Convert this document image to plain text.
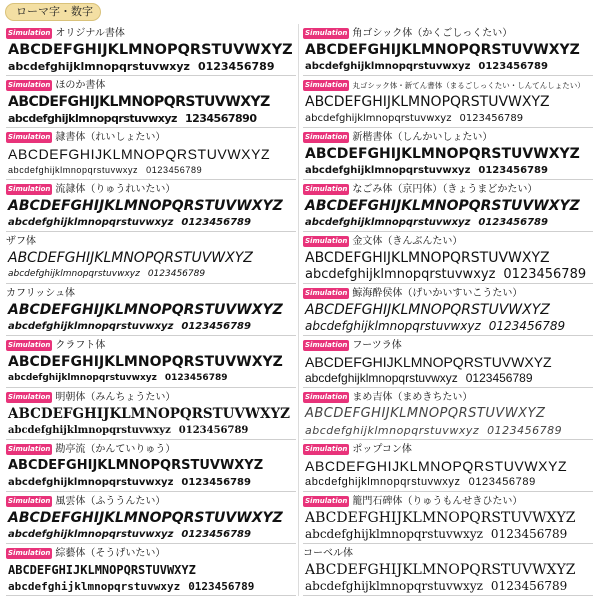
ローマ字・数字
Simulation オリジナル書体
ABCDEFGHIJKLMNOPQRSTUVWXYZ
abcdefghijklmnopqrstuvwxyz 0123456789
Simulation ほのか書体
ABCDEFGHIJKLMNOPQRSTUVWXYZ
abcdefghijklmnopqrstuvwxyz 1234567890
Simulation 隷書体（れいしょたい）
ABCDEFGHIJKLMNOPQRSTUVWXYZ
abcdefghijklmnopqrstuvwxyz 0123456789
Simulation 流隷体（りゅうれいたい）
ABCDEFGHIJKLMNOPQRSTUVWXYZ
abcdefghijklmnopqrstuvwxyz 0123456789
ザフ体
ABCDEFGHIJKLMNOPQRSTUVWXYZ
abcdefghijklmnopqrstuvwxyz 0123456789
カフリッシュ体
ABCDEFGHIJKLMNOPQRSTUVWXYZ
abcdefghijklmnopqrstuvwxyz 0123456789
Simulation クラフト体
ABCDEFGHIJKLMNOPQRSTUVWXYZ
abcdefghijklmnopqrstuvwxyz 0123456789
Simulation 明朝体（みんちょうたい）
ABCDEFGHIJKLMNOPQRSTUVWXYZ
abcdefghijklmnopqrstuvwxyz 0123456789
Simulation 勘亭流（かんていりゅう）
ABCDEFGHIJKLMNOPQRSTUVWXYZ
abcdefghijklmnopqrstuvwxyz 0123456789
Simulation 風雲体（ふううんたい）
ABCDEFGHIJKLMNOPQRSTUVWXYZ
abcdefghijklmnopqrstuvwxyz 0123456789
Simulation 綜藝体（そうげいたい）
ABCDEFGHIJKLMNOPQRSTUVWXYZ
abcdefghijklmnopqrstuvwxyz 0123456789
Simulation 角ゴシック体（かくごしっくたい）
ABCDEFGHIJKLMNOPQRSTUVWXYZ
abcdefghijklmnopqrstuvwxyz 0123456789
Simulation 丸ゴシック体・新てん書体（まるごしっくたい・しんてんしょたい）
ABCDEFGHIJKLMNOPQRSTUVWXYZ
abcdefghijklmnopqrstuvwxyz 0123456789
Simulation 新楷書体（しんかいしょたい）
ABCDEFGHIJKLMNOPQRSTUVWXYZ
abcdefghijklmnopqrstuvwxyz 0123456789
Simulation なごみ体（京円体）（きょうまどかたい）
ABCDEFGHIJKLMNOPQRSTUVWXYZ
abcdefghijklmnopqrstuvwxyz 0123456789
Simulation 金文体（きんぶんたい）
ABCDEFGHIJKLMNOPQRSTUVWXYZ
abcdefghijklmnopqrstuvwxyz 0123456789
Simulation 鯨海酔侯体（げいかいすいこうたい）
ABCDEFGHIJKLMNOPQRSTUVWXYZ
abcdefghijklmnopqrstuvwxyz 0123456789
Simulation フーツラ体
ABCDEFGHIJKLMNOPQRSTUVWXYZ
abcdefghijklmnopqrstuvwxyz 0123456789
Simulation まめ吉体（まめきちたい）
ABCDEFGHIJKLMNOPQRSTUVWXYZ
abcdefghijklmnopqrstuvwxyz 0123456789
Simulation ポップコン体
ABCDEFGHIJKLMNOPQRSTUVWXYZ
abcdefghijklmnopqrstuvwxyz 0123456789
Simulation 籠門石碑体（りゅうもんせきひたい）
ABCDEFGHIJKLMNOPQRSTUVWXYZ
abcdefghijklmnopqrstuvwxyz 0123456789
コーベル体
ABCDEFGHIJKLMNOPQRSTUVWXYZ
abcdefghijklmnopqrstuvwxyz 0123456789
